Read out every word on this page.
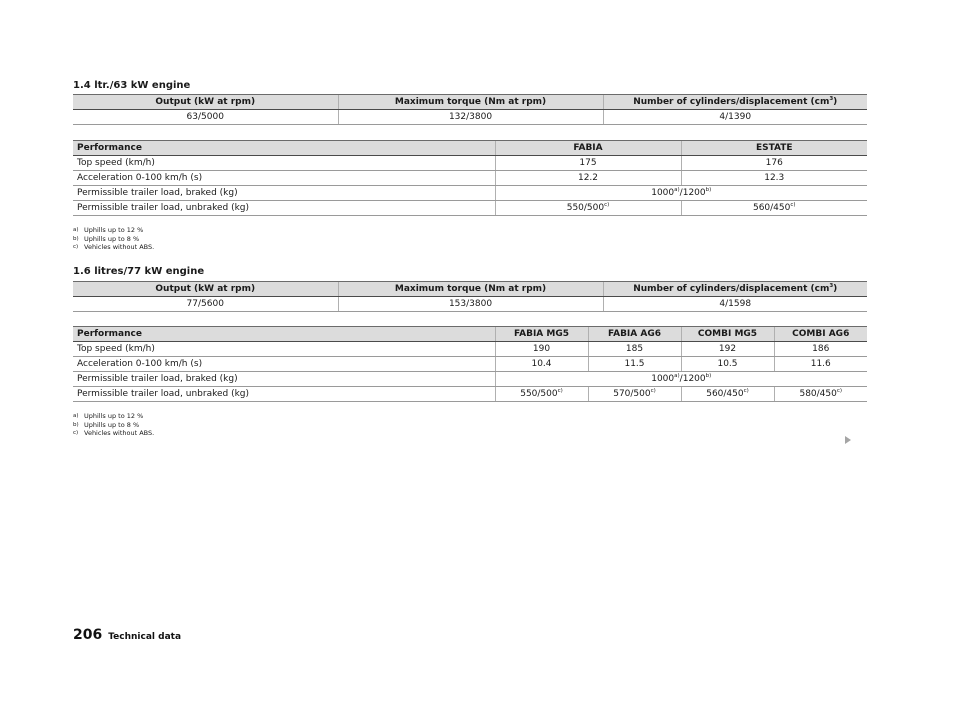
1.4 ltr./63 kW engine
Output (kW at rpm)	Maximum torque (Nm at rpm)	Number of cylinders/displacement $(cm^3)$
63/5000	132/3800	4/1390
Performance	FABIA	ESTATE
Top speed (km/h)	175	176
Acceleration 0-100 km/h (s)	12.2	12.3
Permissible trailer load, braked (kg)	1000$^{a)}$/1200$^{b)}$
Permissible trailer load, unbraked (kg)	550/500$^{c)}$	560/450$^{c)}$
a) Uphills up to 12 %
b) Uphills up to 8 %
c) Vehicles without ABS.
1.6 litres/77 kW engine
Output (kW at rpm)	Maximum torque (Nm at rpm)	Number of cylinders/displacement $(cm^3)$
77/5600	153/3800	4/1598
Performance	FABIA MG5	FABIA AG6	COMBI MG5	COMBI AG6
Top speed (km/h)	190	185	192	186
Acceleration 0-100 km/h (s)	10.4	11.5	10.5	11.6
Permissible trailer load, braked (kg)	1000$^{a)}$/1200$^{b)}$
Permissible trailer load, unbraked (kg)	550/500$^{c)}$	570/500$^{c)}$	560/450$^{c)}$	580/450$^{c)}$
a) Uphills up to 12 %
b) Uphills up to 8 %
c) Vehicles without ABS.
206 Technical data
